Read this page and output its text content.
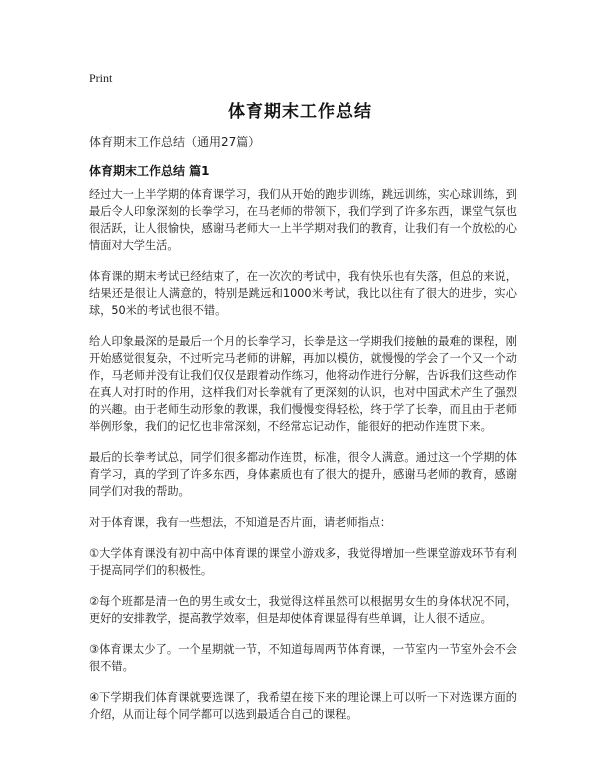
Print
体育期末工作总结
体育期末工作总结（通用27篇）
体育期末工作总结 篇1

经过大一上半学期的体育课学习，我们从开始的跑步训练，跳远训练，实心球训练，到最后令人印象深刻的长拳学习，在马老师的带领下，我们学到了许多东西，课堂气氛也很活跃，让人很愉快，感谢马老师大一上半学期对我们的教育，让我们有一个放松的心情面对大学生活。

体育课的期末考试已经结束了，在一次次的考试中，我有快乐也有失落，但总的来说，结果还是很让人满意的，特别是跳远和1000米考试，我比以往有了很大的进步，实心球，50米的考试也很不错。

给人印象最深的是最后一个月的长拳学习，长拳是这一学期我们接触的最难的课程，刚开始感觉很复杂，不过听完马老师的讲解，再加以模仿，就慢慢的学会了一个又一个动作，马老师并没有让我们仅仅是跟着动作练习，他将动作进行分解，告诉我们这些动作在真人对打时的作用，这样我们对长拳就有了更深刻的认识，也对中国武术产生了强烈的兴趣。由于老师生动形象的教课，我们慢慢变得轻松，终于学了长拳，而且由于老师举例形象，我们的记忆也非常深刻，不经常忘记动作，能很好的把动作连贯下来。

最后的长拳考试总，同学们很多都动作连贯，标准，很令人满意。通过这一个学期的体育学习，真的学到了许多东西，身体素质也有了很大的提升，感谢马老师的教育，感谢同学们对我的帮助。

对于体育课，我有一些想法，不知道是否片面，请老师指点：

①大学体育课没有初中高中体育课的课堂小游戏多，我觉得增加一些课堂游戏环节有利于提高同学们的积极性。

②每个班都是清一色的男生或女士，我觉得这样虽然可以根据男女生的身体状况不同，更好的安排教学，提高教学效率，但是却使体育课显得有些单调，让人很不适应。

③体育课太少了。一个星期就一节，不知道每周两节体育课，一节室内一节室外会不会很不错。

④下学期我们体育课就要选课了，我希望在接下来的理论课上可以听一下对选课方面的介绍，从而让每个同学都可以选到最适合自己的课程。
